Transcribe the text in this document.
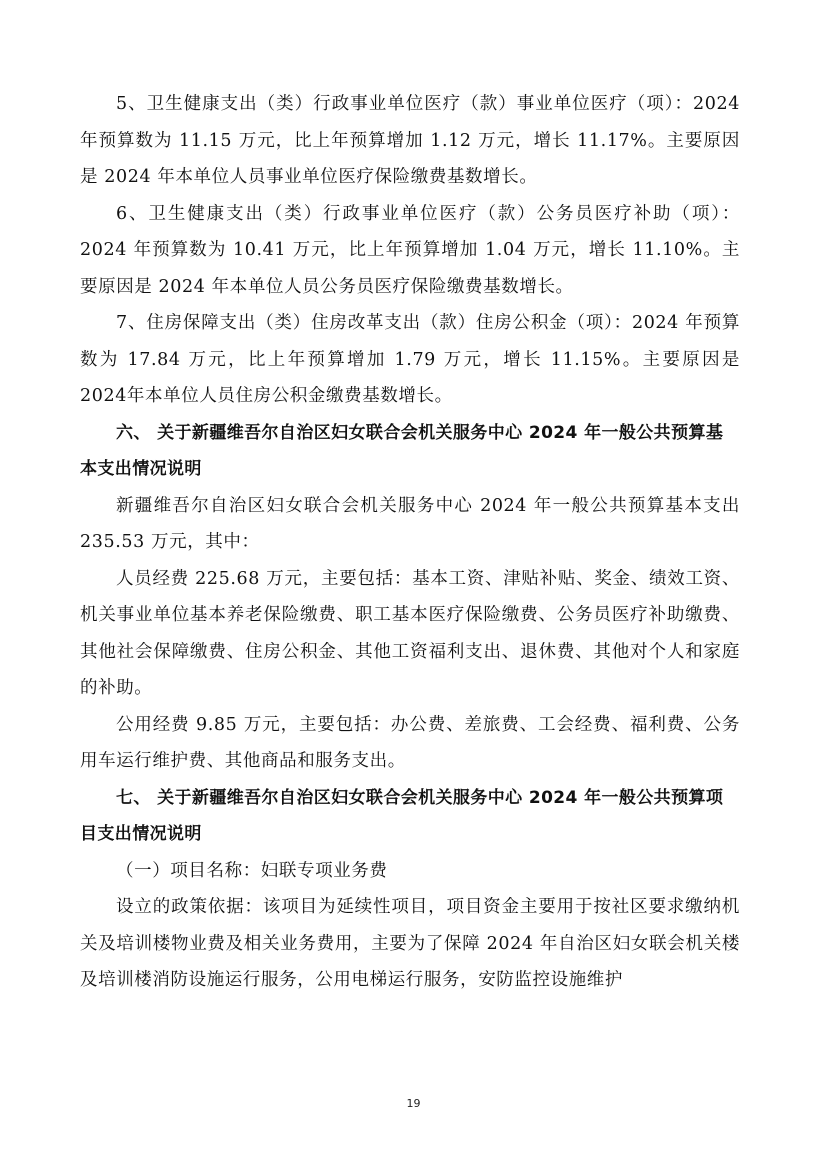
5、卫生健康支出（类）行政事业单位医疗（款）事业单位医疗（项）：2024年预算数为 11.15 万元，比上年预算增加 1.12 万元，增长 11.17%。主要原因是 2024 年本单位人员事业单位医疗保险缴费基数增长。

6、卫生健康支出（类）行政事业单位医疗（款）公务员医疗补助（项）：2024 年预算数为 10.41 万元，比上年预算增加 1.04 万元，增长 11.10%。主要原因是 2024 年本单位人员公务员医疗保险缴费基数增长。

7、住房保障支出（类）住房改革支出（款）住房公积金（项）：2024 年预算数为 17.84 万元，比上年预算增加 1.79 万元，增长 11.15%。主要原因是 2024年本单位人员住房公积金缴费基数增长。

六、 关于新疆维吾尔自治区妇女联合会机关服务中心 2024 年一般公共预算基本支出情况说明

新疆维吾尔自治区妇女联合会机关服务中心 2024 年一般公共预算基本支出 235.53 万元，其中：

人员经费 225.68 万元，主要包括：基本工资、津贴补贴、奖金、绩效工资、机关事业单位基本养老保险缴费、职工基本医疗保险缴费、公务员医疗补助缴费、其他社会保障缴费、住房公积金、其他工资福利支出、退休费、其他对个人和家庭的补助。

公用经费 9.85 万元，主要包括：办公费、差旅费、工会经费、福利费、公务用车运行维护费、其他商品和服务支出。

七、 关于新疆维吾尔自治区妇女联合会机关服务中心 2024 年一般公共预算项目支出情况说明

（一）项目名称：妇联专项业务费

设立的政策依据：该项目为延续性项目，项目资金主要用于按社区要求缴纳机关及培训楼物业费及相关业务费用，主要为了保障 2024 年自治区妇女联会机关楼及培训楼消防设施运行服务，公用电梯运行服务，安防监控设施维护

19
